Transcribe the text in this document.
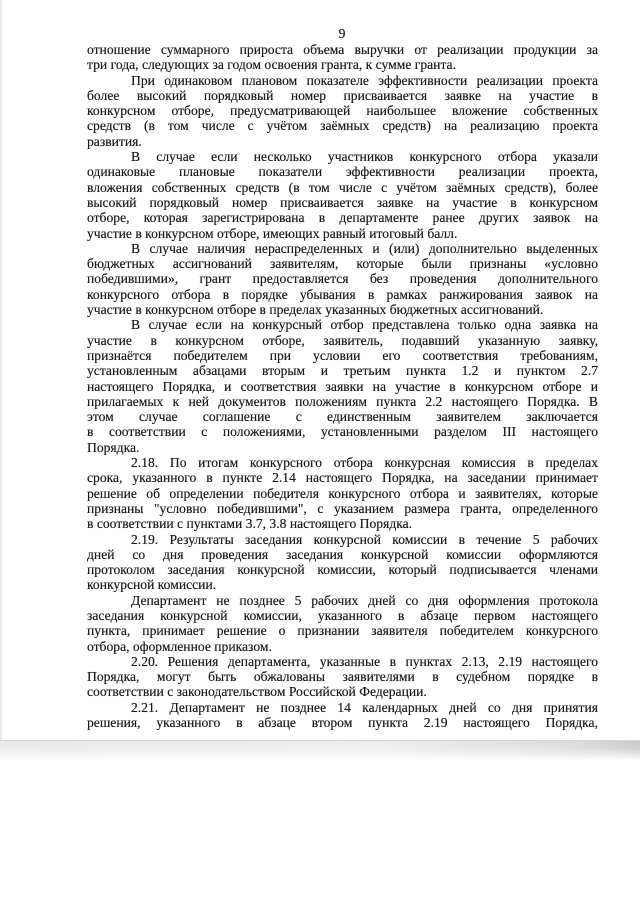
9
отношение суммарного прироста объема выручки от реализации продукции за
три года, следующих за годом освоения гранта, к сумме гранта.
При одинаковом плановом показателе эффективности реализации проекта
более высокий порядковый номер присваивается заявке на участие в
конкурсном отборе, предусматривающей наибольшее вложение собственных
средств (в том числе с учётом заёмных средств) на реализацию проекта
развития.
В случае если несколько участников конкурсного отбора указали
одинаковые плановые показатели эффективности реализации проекта,
вложения собственных средств (в том числе с учётом заёмных средств), более
высокий порядковый номер присваивается заявке на участие в конкурсном
отборе, которая зарегистрирована в департаменте ранее других заявок на
участие в конкурсном отборе, имеющих равный итоговый балл.
В случае наличия нераспределенных и (или) дополнительно выделенных
бюджетных ассигнований заявителям, которые были признаны «условно
победившими», грант предоставляется без проведения дополнительного
конкурсного отбора в порядке убывания в рамках ранжирования заявок на
участие в конкурсном отборе в пределах указанных бюджетных ассигнований.
В случае если на конкурсный отбор представлена только одна заявка на
участие в конкурсном отборе, заявитель, подавший указанную заявку,
признаётся победителем при условии его соответствия требованиям,
установленным абзацами вторым и третьим пункта 1.2 и пунктом 2.7
настоящего Порядка, и соответствия заявки на участие в конкурсном отборе и
прилагаемых к ней документов положениям пункта 2.2 настоящего Порядка. В
этом случае соглашение с единственным заявителем заключается
в соответствии с положениями, установленными разделом III настоящего
Порядка.
2.18. По итогам конкурсного отбора конкурсная комиссия в пределах
срока, указанного в пункте 2.14 настоящего Порядка, на заседании принимает
решение об определении победителя конкурсного отбора и заявителях, которые
признаны "условно победившими", с указанием размера гранта, определенного
в соответствии с пунктами 3.7, 3.8 настоящего Порядка.
2.19. Результаты заседания конкурсной комиссии в течение 5 рабочих
дней со дня проведения заседания конкурсной комиссии оформляются
протоколом заседания конкурсной комиссии, который подписывается членами
конкурсной комиссии.
Департамент не позднее 5 рабочих дней со дня оформления протокола
заседания конкурсной комиссии, указанного в абзаце первом настоящего
пункта, принимает решение о признании заявителя победителем конкурсного
отбора, оформленное приказом.
2.20. Решения департамента, указанные в пунктах 2.13, 2.19 настоящего
Порядка, могут быть обжалованы заявителями в судебном порядке в
соответствии с законодательством Российской Федерации.
2.21. Департамент не позднее 14 календарных дней со дня принятия
решения, указанного в абзаце втором пункта 2.19 настоящего Порядка,
